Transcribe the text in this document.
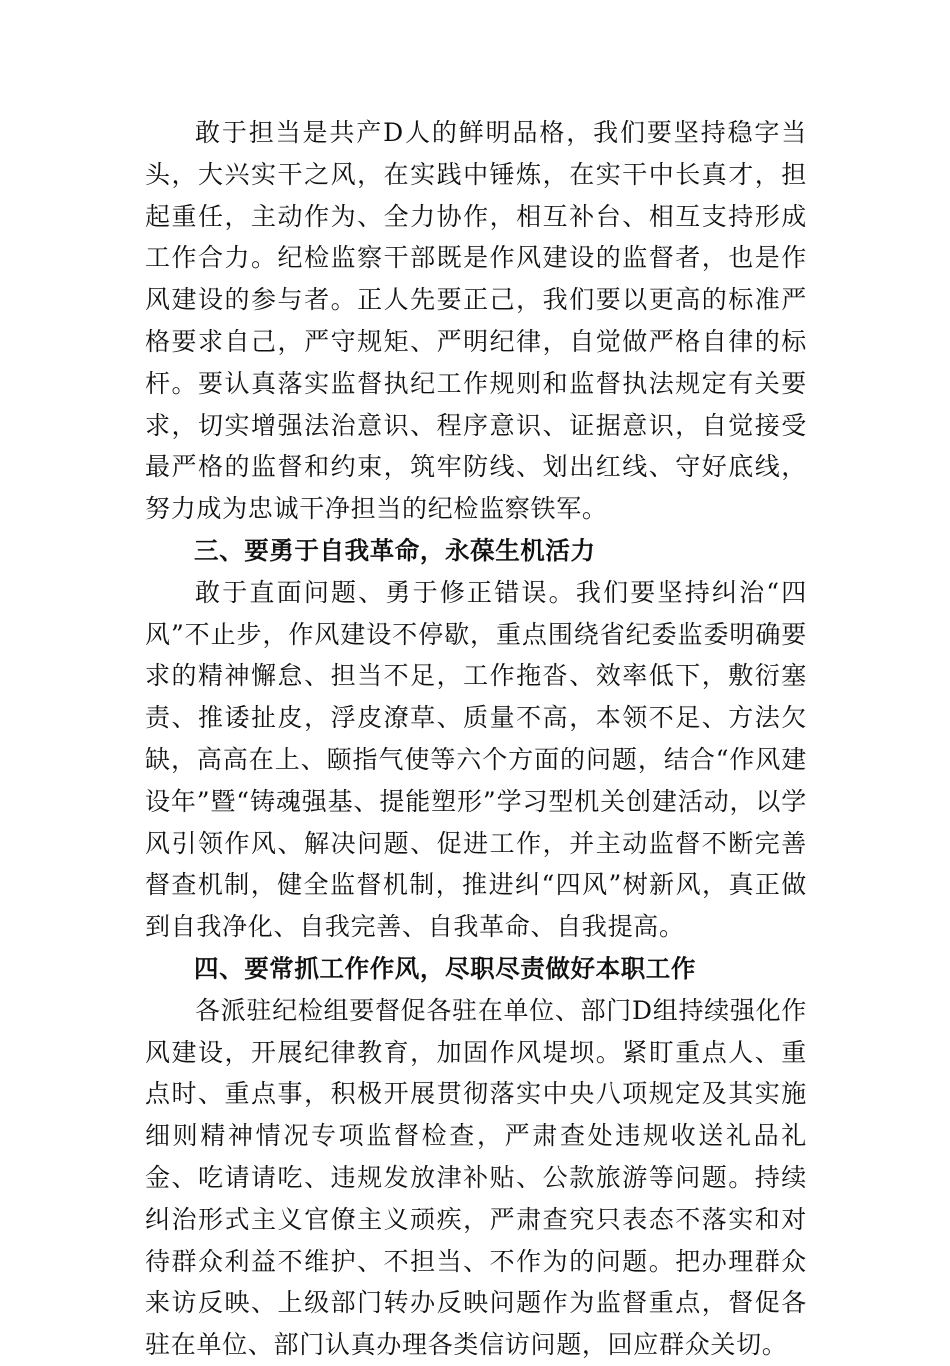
敢于担当是共产D人的鲜明品格，我们要坚持稳字当头，大兴实干之风，在实践中锤炼，在实干中长真才，担起重任，主动作为、全力协作，相互补台、相互支持形成工作合力。纪检监察干部既是作风建设的监督者，也是作风建设的参与者。正人先要正己，我们要以更高的标准严格要求自己，严守规矩、严明纪律，自觉做严格自律的标杆。要认真落实监督执纪工作规则和监督执法规定有关要求，切实增强法治意识、程序意识、证据意识，自觉接受最严格的监督和约束，筑牢防线、划出红线、守好底线，努力成为忠诚干净担当的纪检监察铁军。

三、要勇于自我革命，永葆生机活力

敢于直面问题、勇于修正错误。我们要坚持纠治“四风”不止步，作风建设不停歇，重点围绕省纪委监委明确要求的精神懈怠、担当不足，工作拖沓、效率低下，敷衍塞责、推诿扯皮，浮皮潦草、质量不高，本领不足、方法欠缺，高高在上、颐指气使等六个方面的问题，结合“作风建设年”暨“铸魂强基、提能塑形”学习型机关创建活动，以学风引领作风、解决问题、促进工作，并主动监督不断完善督查机制，健全监督机制，推进纠“四风”树新风，真正做到自我净化、自我完善、自我革命、自我提高。

四、要常抓工作作风，尽职尽责做好本职工作

各派驻纪检组要督促各驻在单位、部门D组持续强化作风建设，开展纪律教育，加固作风堤坝。紧盯重点人、重点时、重点事，积极开展贯彻落实中央八项规定及其实施细则精神情况专项监督检查，严肃查处违规收送礼品礼金、吃请请吃、违规发放津补贴、公款旅游等问题。持续纠治形式主义官僚主义顽疾，严肃查究只表态不落实和对待群众利益不维护、不担当、不作为的问题。把办理群众来访反映、上级部门转办反映问题作为监督重点，督促各驻在单位、部门认真办理各类信访问题，回应群众关切。
